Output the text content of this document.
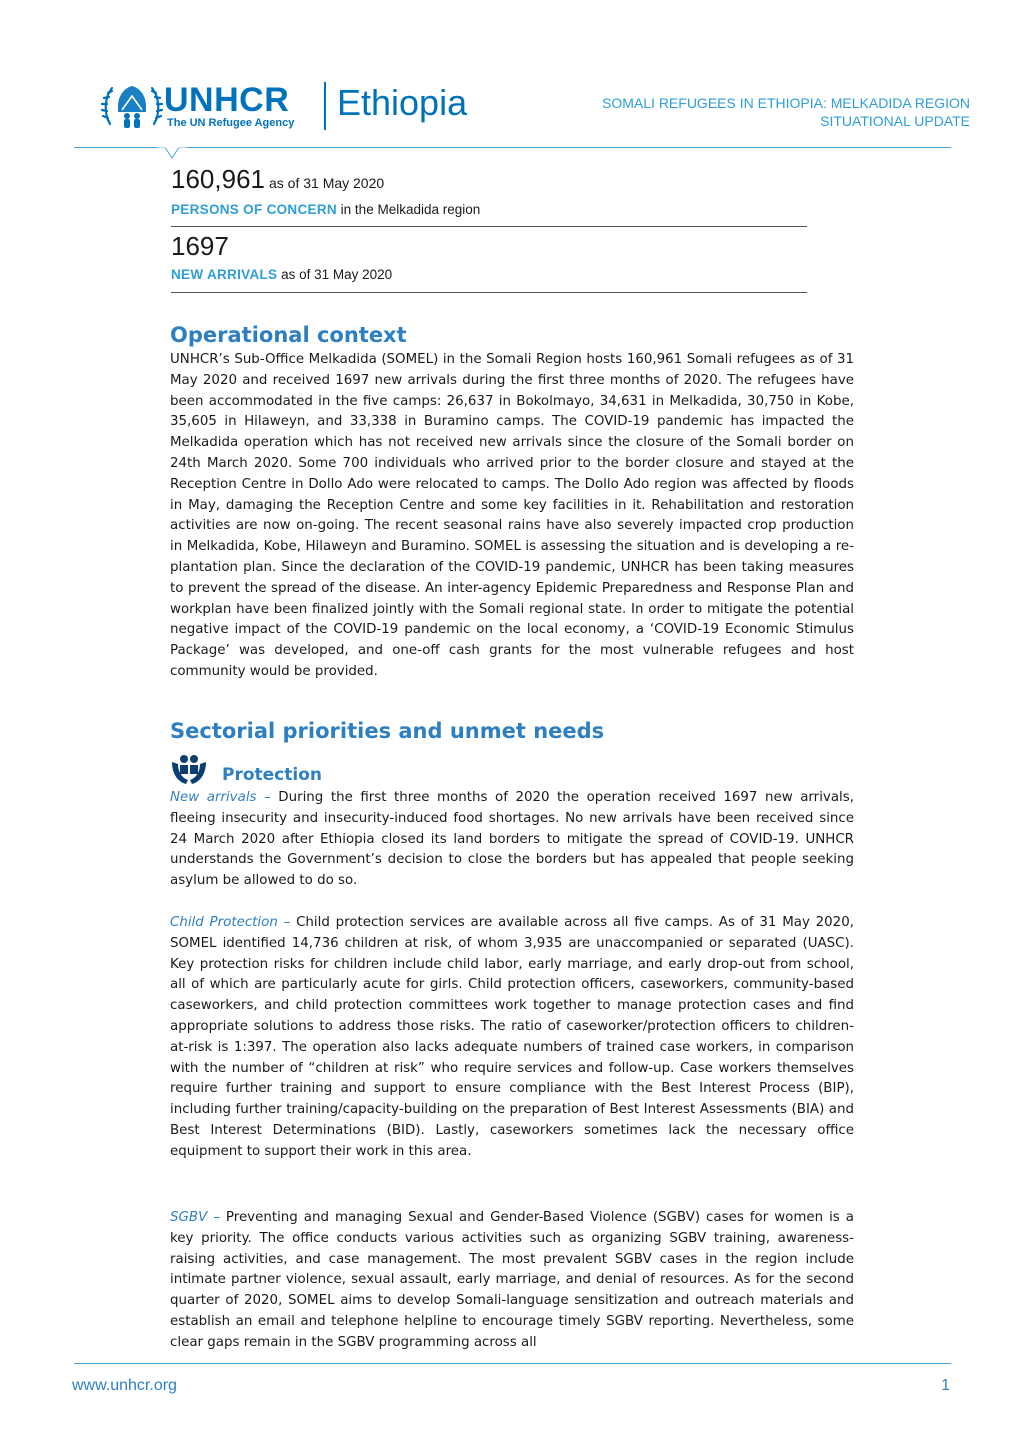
UNHCR
The UN Refugee Agency Ethiopia	SOMALI REFUGEES IN ETHIOPIA: MELKADIDA REGION
SITUATIONAL UPDATE
160,961 as of 31 May 2020
PERSONS OF CONCERN in the Melkadida region
1697
NEW ARRIVALS as of 31 May 2020
Operational context
UNHCR’s Sub-Office Melkadida (SOMEL) in the Somali Region hosts 160,961 Somali refugees as of 31 May 2020 and received 1697 new arrivals during the first three months of 2020. The refugees have been accommodated in the five camps: 26,637 in Bokolmayo, 34,631 in Melkadida, 30,750 in Kobe, 35,605 in Hilaweyn, and 33,338 in Buramino camps. The COVID-19 pandemic has impacted the Melkadida operation which has not received new arrivals since the closure of the Somali border on 24th March 2020. Some 700 individuals who arrived prior to the border closure and stayed at the Reception Centre in Dollo Ado were relocated to camps. The Dollo Ado region was affected by floods in May, damaging the Reception Centre and some key facilities in it. Rehabilitation and restoration activities are now on-going. The recent seasonal rains have also severely impacted crop production in Melkadida, Kobe, Hilaweyn and Buramino. SOMEL is assessing the situation and is developing a re-plantation plan. Since the declaration of the COVID-19 pandemic, UNHCR has been taking measures to prevent the spread of the disease. An inter-agency Epidemic Preparedness and Response Plan and workplan have been finalized jointly with the Somali regional state. In order to mitigate the potential negative impact of the COVID-19 pandemic on the local economy, a ‘COVID-19 Economic Stimulus Package’ was developed, and one-off cash grants for the most vulnerable refugees and host community would be provided.
Sectorial priorities and unmet needs
Protection
New arrivals – During the first three months of 2020 the operation received 1697 new arrivals, fleeing insecurity and insecurity-induced food shortages. No new arrivals have been received since 24 March 2020 after Ethiopia closed its land borders to mitigate the spread of COVID-19. UNHCR understands the Government’s decision to close the borders but has appealed that people seeking asylum be allowed to do so.
Child Protection – Child protection services are available across all five camps. As of 31 May 2020, SOMEL identified 14,736 children at risk, of whom 3,935 are unaccompanied or separated (UASC). Key protection risks for children include child labor, early marriage, and early drop-out from school, all of which are particularly acute for girls. Child protection officers, caseworkers, community-based caseworkers, and child protection committees work together to manage protection cases and find appropriate solutions to address those risks. The ratio of caseworker/protection officers to children-at-risk is 1:397. The operation also lacks adequate numbers of trained case workers, in comparison with the number of “children at risk” who require services and follow-up. Case workers themselves require further training and support to ensure compliance with the Best Interest Process (BIP), including further training/capacity-building on the preparation of Best Interest Assessments (BIA) and Best Interest Determinations (BID). Lastly, caseworkers sometimes lack the necessary office equipment to support their work in this area.
SGBV – Preventing and managing Sexual and Gender-Based Violence (SGBV) cases for women is a key priority. The office conducts various activities such as organizing SGBV training, awareness-raising activities, and case management. The most prevalent SGBV cases in the region include intimate partner violence, sexual assault, early marriage, and denial of resources. As for the second quarter of 2020, SOMEL aims to develop Somali-language sensitization and outreach materials and establish an email and telephone helpline to encourage timely SGBV reporting. Nevertheless, some clear gaps remain in the SGBV programming across all
www.unhcr.org	1
